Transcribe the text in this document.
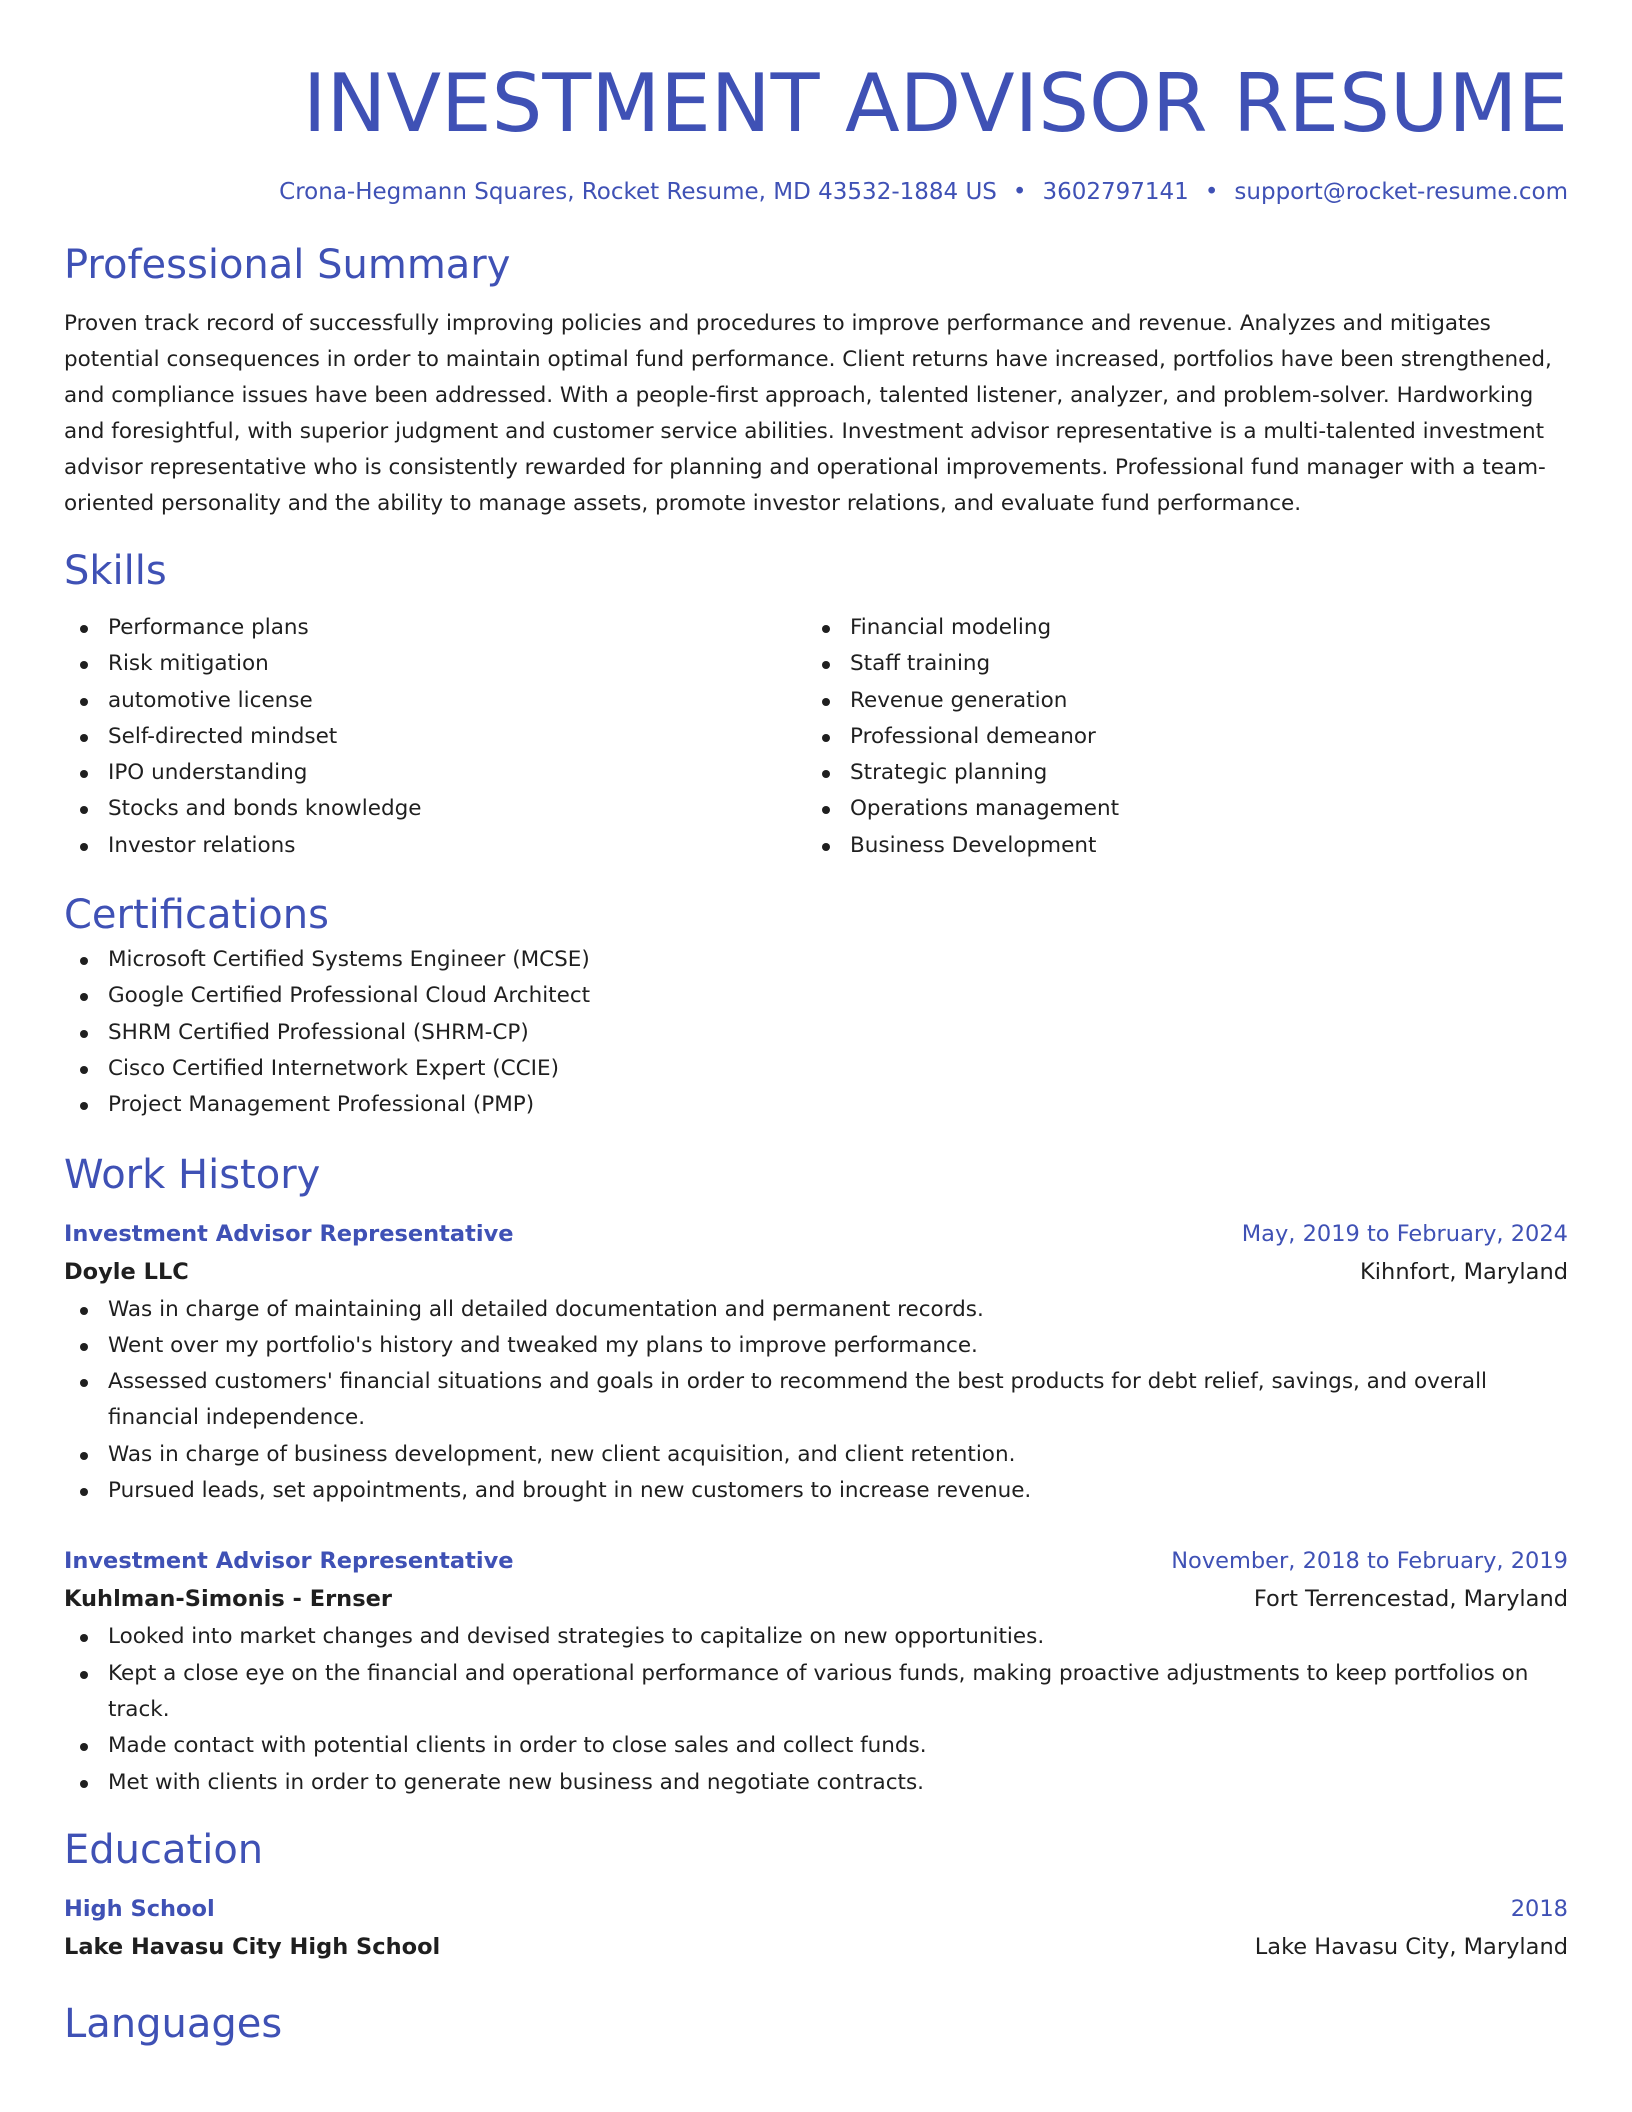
INVESTMENT ADVISOR RESUME
Crona-Hegmann Squares, Rocket Resume, MD 43532-1884 US • 3602797141 • support@rocket-resume.com
Professional Summary

Proven track record of successfully improving policies and procedures to improve performance and revenue. Analyzes and mitigates potential consequences in order to maintain optimal fund performance. Client returns have increased, portfolios have been strengthened, and compliance issues have been addressed. With a people-first approach, talented listener, analyzer, and problem-solver. Hardworking and foresightful, with superior judgment and customer service abilities. Investment advisor representative is a multi-talented investment advisor representative who is consistently rewarded for planning and operational improvements. Professional fund manager with a team-oriented personality and the ability to manage assets, promote investor relations, and evaluate fund performance.

Skills
Performance plans
Risk mitigation
automotive license
Self-directed mindset
IPO understanding
Stocks and bonds knowledge
Investor relations
Financial modeling
Staff training
Revenue generation
Professional demeanor
Strategic planning
Operations management
Business Development
Certifications
Microsoft Certified Systems Engineer (MCSE)
Google Certified Professional Cloud Architect
SHRM Certified Professional (SHRM-CP)
Cisco Certified Internetwork Expert (CCIE)
Project Management Professional (PMP)
Work History
Investment Advisor Representative	May, 2019 to February, 2024
Doyle LLC	Kihnfort, Maryland
Was in charge of maintaining all detailed documentation and permanent records.
Went over my portfolio's history and tweaked my plans to improve performance.
Assessed customers' financial situations and goals in order to recommend the best products for debt relief, savings, and overall financial independence.
Was in charge of business development, new client acquisition, and client retention.
Pursued leads, set appointments, and brought in new customers to increase revenue.
Investment Advisor Representative	November, 2018 to February, 2019
Kuhlman-Simonis - Ernser	Fort Terrencestad, Maryland
Looked into market changes and devised strategies to capitalize on new opportunities.
Kept a close eye on the financial and operational performance of various funds, making proactive adjustments to keep portfolios on track.
Made contact with potential clients in order to close sales and collect funds.
Met with clients in order to generate new business and negotiate contracts.
Education
High School	2018
Lake Havasu City High School	Lake Havasu City, Maryland
Languages
